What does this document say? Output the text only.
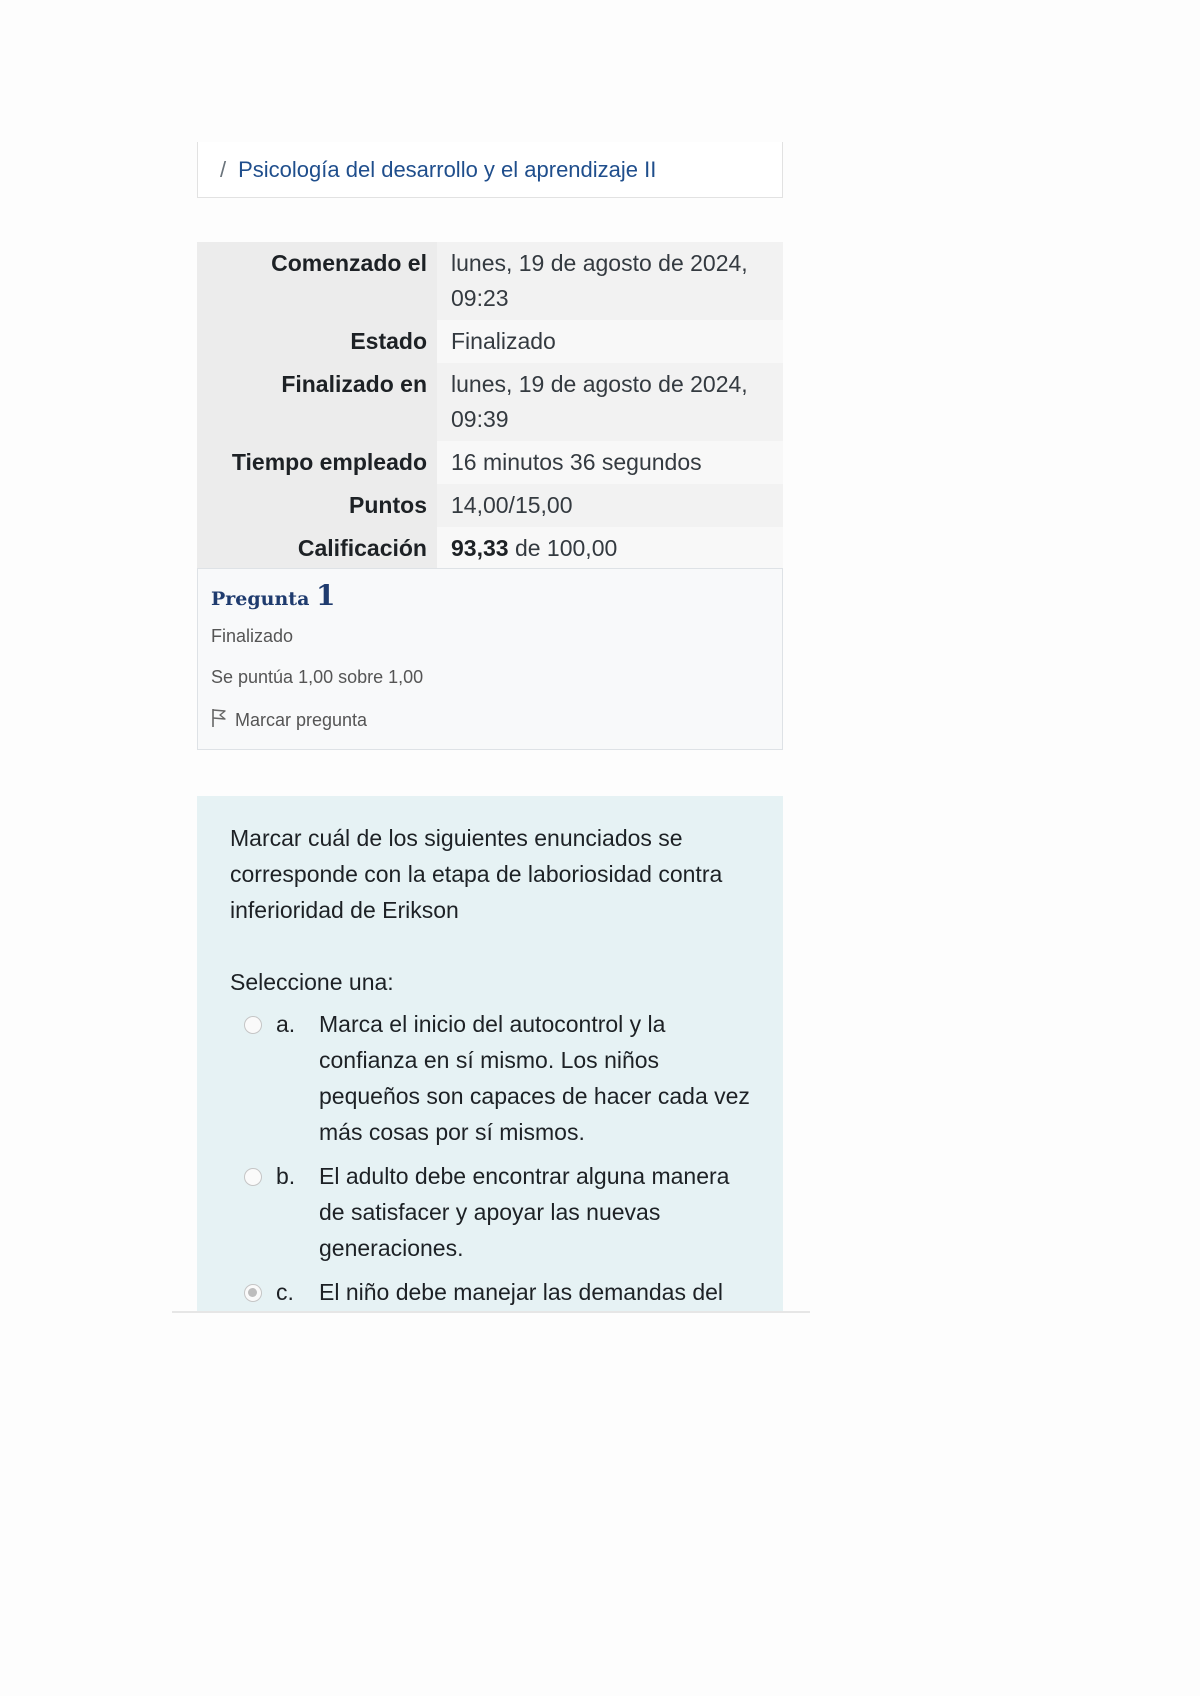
/ Psicología del desarrollo y el aprendizaje II
Comenzado el	lunes, 19 de agosto de 2024, 09:23
Estado	Finalizado
Finalizado en	lunes, 19 de agosto de 2024, 09:39
Tiempo empleado	16 minutos 36 segundos
Puntos	14,00/15,00
Calificación	93,33 de 100,00
Pregunta 1
Finalizado
Se puntúa 1,00 sobre 1,00
Marcar pregunta
Marcar cuál de los siguientes enunciados se corresponde con la etapa de laboriosidad contra inferioridad de Erikson
Seleccione una:
a.	Marca el inicio del autocontrol y la confianza en sí mismo. Los niños pequeños son capaces de hacer cada vez más cosas por sí mismos.
b.	El adulto debe encontrar alguna manera de satisfacer y apoyar las nuevas generaciones.
c.	El niño debe manejar las demandas del
